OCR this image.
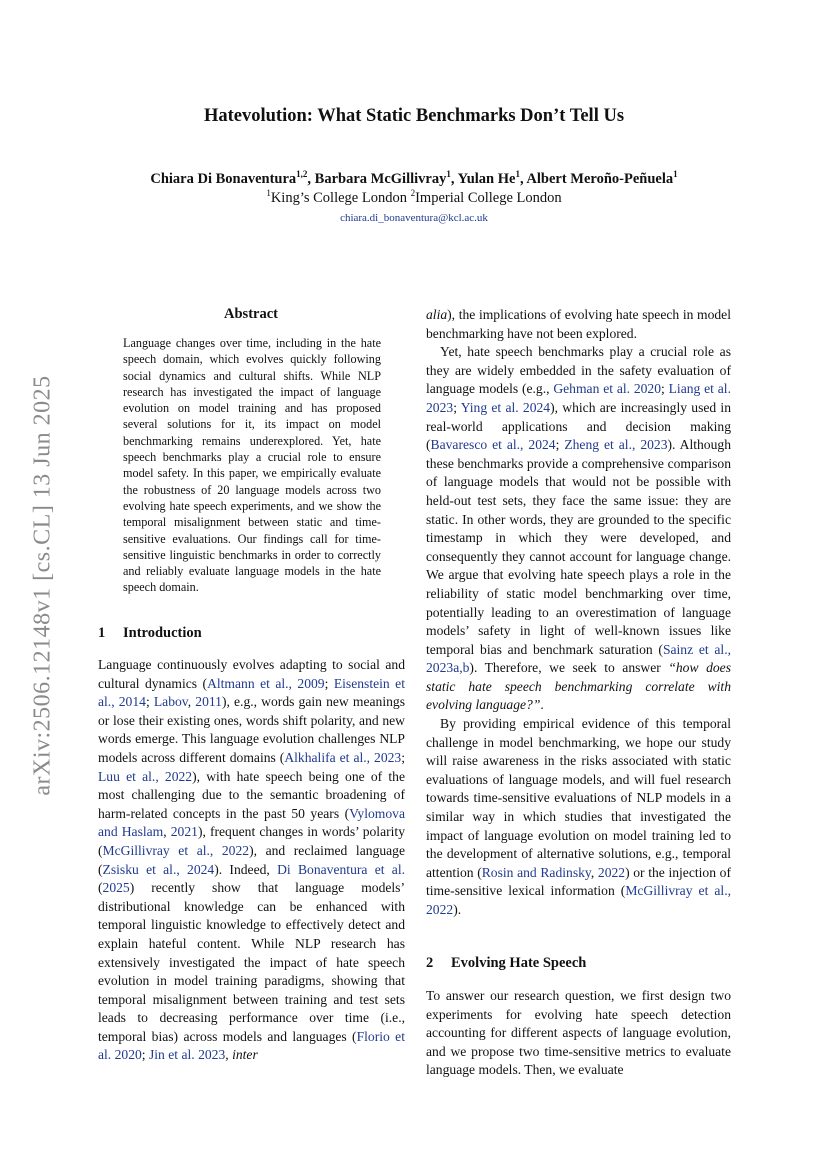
arXiv:2506.12148v1 [cs.CL] 13 Jun 2025
Hatevolution: What Static Benchmarks Don’t Tell Us
Chiara Di Bonaventura$^{1,2}$, Barbara McGillivray$^1$, Yulan He$^1$, Albert Meroño-Peñuela$^1$
$^1$King’s College London $^2$Imperial College London
chiara.di_bonaventura@kcl.ac.uk
Abstract
Language changes over time, including in the hate speech domain, which evolves quickly following social dynamics and cultural shifts. While NLP research has investigated the impact of language evolution on model training and has proposed several solutions for it, its impact on model benchmarking remains underexplored. Yet, hate speech benchmarks play a crucial role to ensure model safety. In this paper, we empirically evaluate the robustness of 20 language models across two evolving hate speech experiments, and we show the temporal misalignment between static and time-sensitive evaluations. Our findings call for time-sensitive linguistic benchmarks in order to correctly and reliably evaluate language models in the hate speech domain.
1 Introduction

Language continuously evolves adapting to social and cultural dynamics (Altmann et al., 2009; Eisenstein et al., 2014; Labov, 2011), e.g., words gain new meanings or lose their existing ones, words shift polarity, and new words emerge. This language evolution challenges NLP models across different domains (Alkhalifa et al., 2023; Luu et al., 2022), with hate speech being one of the most challenging due to the semantic broadening of harm-related concepts in the past 50 years (Vylomova and Haslam, 2021), frequent changes in words’ polarity (McGillivray et al., 2022), and reclaimed language (Zsisku et al., 2024). Indeed, Di Bonaventura et al. (2025) recently show that language models’ distributional knowledge can be enhanced with temporal linguistic knowledge to effectively detect and explain hateful content. While NLP research has extensively investigated the impact of hate speech evolution in model training paradigms, showing that temporal misalignment between training and test sets leads to decreasing performance over time (i.e., temporal bias) across models and languages (Florio et al. 2020; Jin et al. 2023, inter

alia), the implications of evolving hate speech in model benchmarking have not been explored.

Yet, hate speech benchmarks play a crucial role as they are widely embedded in the safety evaluation of language models (e.g., Gehman et al. 2020; Liang et al. 2023; Ying et al. 2024), which are increasingly used in real-world applications and decision making (Bavaresco et al., 2024; Zheng et al., 2023). Although these benchmarks provide a comprehensive comparison of language models that would not be possible with held-out test sets, they face the same issue: they are static. In other words, they are grounded to the specific timestamp in which they were developed, and consequently they cannot account for language change. We argue that evolving hate speech plays a role in the reliability of static model benchmarking over time, potentially leading to an overestimation of language models’ safety in light of well-known issues like temporal bias and benchmark saturation (Sainz et al., 2023a,b). Therefore, we seek to answer “how does static hate speech benchmarking correlate with evolving language?”.

By providing empirical evidence of this temporal challenge in model benchmarking, we hope our study will raise awareness in the risks associated with static evaluations of language models, and will fuel research towards time-sensitive evaluations of NLP models in a similar way in which studies that investigated the impact of language evolution on model training led to the development of alternative solutions, e.g., temporal attention (Rosin and Radinsky, 2022) or the injection of time-sensitive lexical information (McGillivray et al., 2022).

2 Evolving Hate Speech
To answer our research question, we first design two experiments for evolving hate speech detection accounting for different aspects of language evolution, and we propose two time-sensitive metrics to evaluate language models. Then, we evaluate
